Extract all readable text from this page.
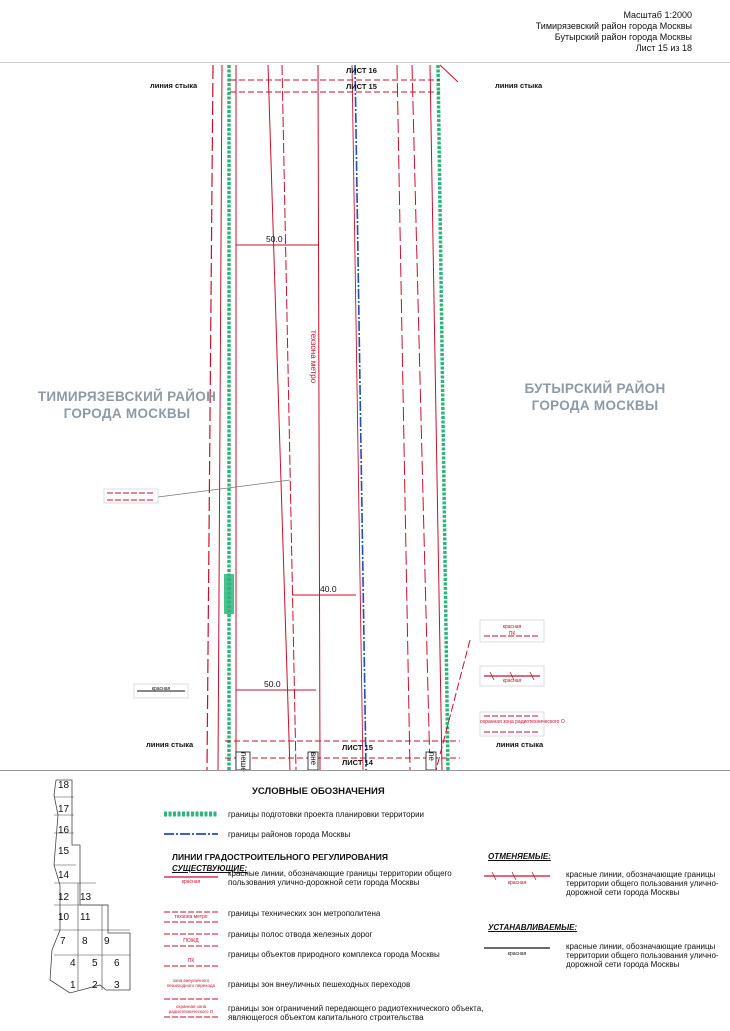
Масштаб 1:2000
Тимирязевский район города Москвы
Бутырский район города Москвы
Лист 15 из 18
ЛИСТ 16
ЛИСТ 15
линия стыка	линия стыка
линия стыка	линия стыка
ЛИСТ 15
ЛИСТ 14
ТИМИРЯЗЕВСКИЙ РАЙОН
ГОРОДА МОСКВЫ
БУТЫРСКИЙ РАЙОН
ГОРОДА МОСКВЫ
техзона метро
50.0
40.0
50.0
красная
красная
ПК
красная
охранная зона радиотехнического О
пеше	вне	пе
18
17
16
15
14
12 13
10 11
7 8 9
4 5 6
1 2 3
УСЛОВНЫЕ ОБОЗНАЧЕНИЯ
границы подготовки проекта планировки территории
границы районов города Москвы
ЛИНИИ ГРАДОСТРОИТЕЛЬНОГО РЕГУЛИРОВАНИЯ
СУЩЕСТВУЮЩИЕ:
красная
техзона метро
ПОЖД
ПК
зона внеуличного пешеходного перехода
охранная зона радиотехнического О
красные линии, обозначающие границы территории общего пользования улично-дорожной сети города Москвы
границы технических зон метрополитена
границы полос отвода железных дорог
границы объектов природного комплекса города Москвы
границы зон внеуличных пешеходных переходов
границы зон ограничений передающего радиотехнического объекта, являющегося объектом капитального строительства
ОТМЕНЯЕМЫЕ:
красная
красные линии, обозначающие границы территории общего пользования улично-дорожной сети города Москвы
УСТАНАВЛИВАЕМЫЕ:
красная
красные линии, обозначающие границы территории общего пользования улично-дорожной сети города Москвы
